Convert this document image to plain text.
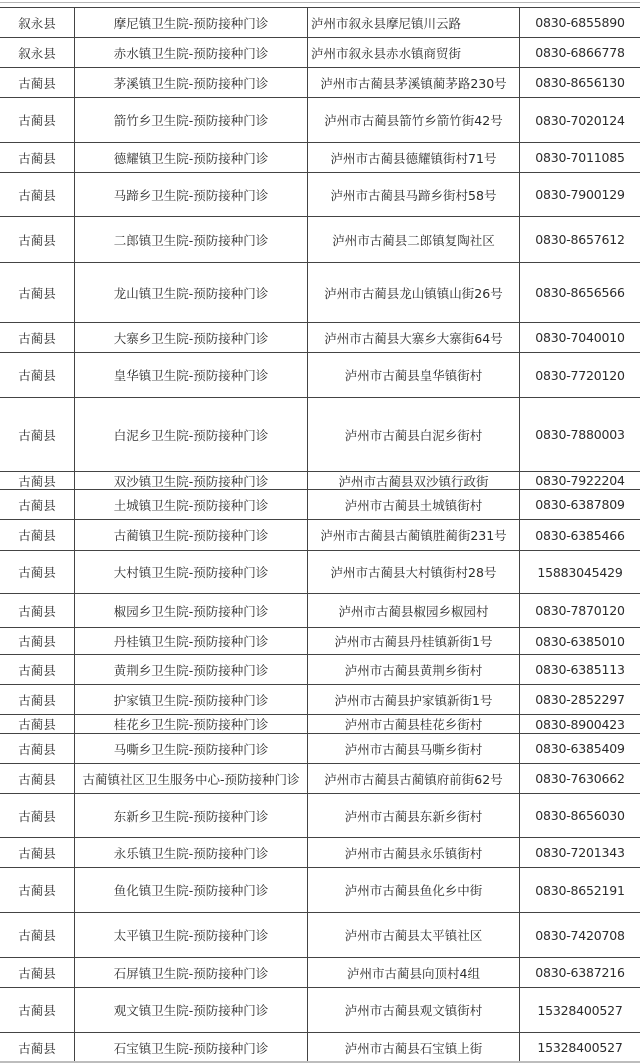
叙永县	摩尼镇卫生院-预防接种门诊	泸州市叙永县摩尼镇川云路	0830-6855890
叙永县	赤水镇卫生院-预防接种门诊	泸州市叙永县赤水镇商贸街	0830-6866778
古蔺县	茅溪镇卫生院-预防接种门诊	泸州市古蔺县茅溪镇蔺茅路230号	0830-8656130
古蔺县	箭竹乡卫生院-预防接种门诊	泸州市古蔺县箭竹乡箭竹街42号	0830-7020124
古蔺县	德耀镇卫生院-预防接种门诊	泸州市古蔺县德耀镇街村71号	0830-7011085
古蔺县	马蹄乡卫生院-预防接种门诊	泸州市古蔺县马蹄乡街村58号	0830-7900129
古蔺县	二郎镇卫生院-预防接种门诊	泸州市古蔺县二郎镇复陶社区	0830-8657612
古蔺县	龙山镇卫生院-预防接种门诊	泸州市古蔺县龙山镇镇山街26号	0830-8656566
古蔺县	大寨乡卫生院-预防接种门诊	泸州市古蔺县大寨乡大寨街64号	0830-7040010
古蔺县	皇华镇卫生院-预防接种门诊	泸州市古蔺县皇华镇街村	0830-7720120
古蔺县	白泥乡卫生院-预防接种门诊	泸州市古蔺县白泥乡街村	0830-7880003
古蔺县	双沙镇卫生院-预防接种门诊	泸州市古蔺县双沙镇行政街	0830-7922204
古蔺县	土城镇卫生院-预防接种门诊	泸州市古蔺县土城镇街村	0830-6387809
古蔺县	古蔺镇卫生院-预防接种门诊	泸州市古蔺县古蔺镇胜蔺街231号	0830-6385466
古蔺县	大村镇卫生院-预防接种门诊	泸州市古蔺县大村镇街村28号	15883045429
古蔺县	椒园乡卫生院-预防接种门诊	泸州市古蔺县椒园乡椒园村	0830-7870120
古蔺县	丹桂镇卫生院-预防接种门诊	泸州市古蔺县丹桂镇新街1号	0830-6385010
古蔺县	黄荆乡卫生院-预防接种门诊	泸州市古蔺县黄荆乡街村	0830-6385113
古蔺县	护家镇卫生院-预防接种门诊	泸州市古蔺县护家镇新街1号	0830-2852297
古蔺县	桂花乡卫生院-预防接种门诊	泸州市古蔺县桂花乡街村	0830-8900423
古蔺县	马嘶乡卫生院-预防接种门诊	泸州市古蔺县马嘶乡街村	0830-6385409
古蔺县	古蔺镇社区卫生服务中心-预防接种门诊	泸州市古蔺县古蔺镇府前街62号	0830-7630662
古蔺县	东新乡卫生院-预防接种门诊	泸州市古蔺县东新乡街村	0830-8656030
古蔺县	永乐镇卫生院-预防接种门诊	泸州市古蔺县永乐镇街村	0830-7201343
古蔺县	鱼化镇卫生院-预防接种门诊	泸州市古蔺县鱼化乡中街	0830-8652191
古蔺县	太平镇卫生院-预防接种门诊	泸州市古蔺县太平镇社区	0830-7420708
古蔺县	石屏镇卫生院-预防接种门诊	泸州市古蔺县向顶村4组	0830-6387216
古蔺县	观文镇卫生院-预防接种门诊	泸州市古蔺县观文镇街村	15328400527
古蔺县	石宝镇卫生院-预防接种门诊	泸州市古蔺县石宝镇上街	15328400527
